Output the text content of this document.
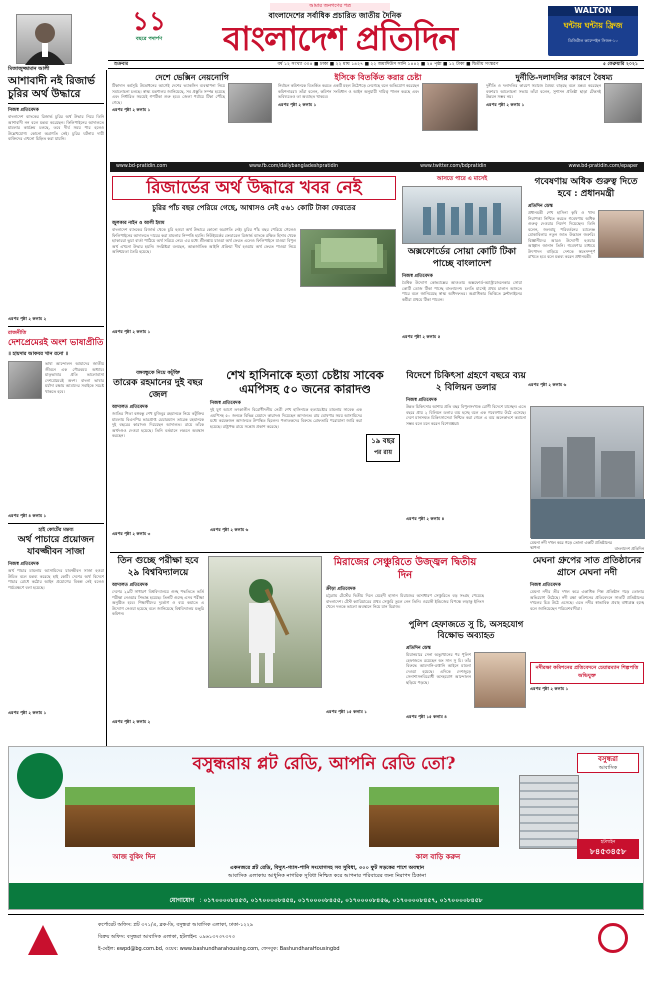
১১
বছরে পদার্পণ
আমার জনগণের পত্র
বাংলাদেশের সর্বাধিক প্রচারিত জাতীয় দৈনিক
বাংলাদেশ প্রতিদিন
WALTON
ঘন্টায় ঘন্টায় ফ্রিজ
ডিজিটাল ক্যাম্পেইন সিজন-১০
শুক্রবার	বর্ষ ১২ সংখ্যা ৩০৪ ■ ঢাকা ■ ২২ মাঘ ১৪২৭ ■ ২২ জমাদিউস সানি ১৪৪২ ■ ২৪ পৃষ্ঠা ■ ১২ টাকা ■ দ্বিতীয় সংস্করণ	৫ ফেব্রুয়ারি ২০২১
মিজাজুজ্জামান আলী
আশাবাদী নই রিজার্ভ চুরির অর্থ উদ্ধারে
নিজস্ব প্রতিবেদক
বাংলাদেশ ব্যাংকের রিজার্ভ চুরির অর্থ উদ্ধার নিয়ে তিনি আশাবাদী নন বলে মন্তব্য করেছেন। ফিলিপাইনের আদালতে মামলার কার্যক্রম চলছে, তবে দীর্ঘ সময় পার হলেও উল্লেখযোগ্য কোনো অগ্রগতি নেই। চুরির ঘটনায় দায়ী ব্যক্তিদের এখনো চিহ্নিত করা যায়নি।
এরপর পৃষ্ঠা ২ কলাম ২
রাজনীতি
দেশপ্রেমেরই অংশ ভাষাপ্রীতি
॥ হায়দার আকবর খান রনো ॥
ভাষা আন্দোলন আমাদের জাতীয় জীবনে এক গৌরবময় অধ্যায়। মাতৃভাষার প্রতি ভালোবাসা দেশপ্রেমেরই অংশ। বাংলা ভাষার মর্যাদা রক্ষায় আমাদের সবাইকে সচেষ্ট থাকতে হবে।
এরপর পৃষ্ঠা ৪ কলাম ১
হাই কোর্টের মন্তব্য
অর্থ পাচারে প্রয়োজন যাবজ্জীবন সাজা
নিজস্ব প্রতিবেদক
অর্থ পাচার মামলায় আসামিদের যাবজ্জীবন সাজা হওয়া উচিত বলে মন্তব্য করেছে হাই কোর্ট। দেশের অর্থ বিদেশে পাচার রোধে কঠোর আইন প্রয়োগের বিকল্প নেই বলেও পর্যবেক্ষণে বলা হয়েছে।
এরপর পৃষ্ঠা ২ কলাম ১
দেশে ভেক্সিন নেয়নোগি
টিকাদান কর্মসূচি উদ্বোধনের আগেই দেশের ভ্যাকসিন ব্যবস্থাপনা নিয়ে সমালোচনা চলছে। স্বাস্থ্য মন্ত্রণালয় জানিয়েছে, সব প্রস্তুতি সম্পন্ন হয়েছে এবং নির্ধারিত সময়েই গণটিকা শুরু হবে। জেলা পর্যায়ে টিকা পৌঁছে গেছে।
এরপর পৃষ্ঠা ২ কলাম ১
ইসিকে বিতর্কিত করার চেষ্টা
নির্বাচন কমিশনকে বিতর্কিত করতে একটি মহল উঠেপড়ে লেগেছে বলে অভিযোগ করেছেন কমিশনাররা। তাঁরা বলেন, কমিশন সংবিধান ও আইন অনুযায়ী দায়িত্ব পালন করছে এবং ভবিষ্যতেও তা অব্যাহত থাকবে।
এরপর পৃষ্ঠা ২ কলাম ১
দুর্নীতি-দলাদলির কারণে বৈষম্য
দুর্নীতি ও দলাদলির কারণে সমাজে বৈষম্য বাড়ছে বলে মন্তব্য করেছেন বক্তারা। আলোচনা সভায় তাঁরা বলেন, সুশাসন প্রতিষ্ঠা ছাড়া টেকসই উন্নয়ন সম্ভব নয়।
এরপর পৃষ্ঠা ২ কলাম ১
www.bd-pratidin.com	www.fb.com/dailybangladeshpratidin	www.twitter.com/bdpratidin	www.bd-pratidin.com/epaper
রিজার্ভের অর্থ উদ্ধারে খবর নেই
চুরির পাঁচ বছর পেরিয়ে গেছে, আশ্বাসও নেই ৫৬১ কোটি টাকা ফেরতের
জুলকার নাইন ও আলী ইমাম
বাংলাদেশ ব্যাংকের রিজার্ভ থেকে চুরি হওয়া অর্থ উদ্ধারে কোনো অগ্রগতি নেই। চুরির পাঁচ বছর পেরিয়ে গেলেও ফিলিপাইনের আদালতে দায়ের করা মামলার নিষ্পত্তি হয়নি। নিউইয়র্কের ফেডারেল রিজার্ভ ব্যাংকে রক্ষিত হিসাব থেকে হ্যাকাররা ভুয়া বার্তা পাঠিয়ে অর্থ সরিয়ে নেয়। এর মধ্যে শ্রীলঙ্কায় যাওয়া অর্থ ফেরত এলেও ফিলিপাইনে যাওয়া বিপুল অর্থ এখনো উদ্ধার হয়নি। সংশ্লিষ্টরা বলছেন, আন্তর্জাতিক আইনি প্রক্রিয়া দীর্ঘ হওয়ায় অর্থ ফেরত পাওয়া নিয়ে অনিশ্চয়তা তৈরি হয়েছে।
এরপর পৃষ্ঠা ২ কলাম ১
আসতে পারে এ মাসেই
অক্সফোর্ডের সোয়া কোটি টিকা পাচ্ছে বাংলাদেশ
নিজস্ব প্রতিবেদক
বৈশ্বিক উদ্যোগ কোভ্যাক্সের আওতায় অক্সফোর্ড-অ্যাস্ট্রাজেনেকার সোয়া কোটি ডোজ টিকা পাচ্ছে বাংলাদেশ। চলতি মাসেই প্রথম চালান আসতে পারে বলে জানিয়েছে স্বাস্থ্য অধিদফতর। অগ্রাধিকার ভিত্তিতে ফ্রন্টলাইনের কর্মীরা প্রথমে টিকা পাবেন।
এরপর পৃষ্ঠা ২ কলাম ৫
গবেষণায় অধিক গুরুত্ব দিতে হবে : প্রধানমন্ত্রী
প্রতিদিন ডেস্ক
প্রধানমন্ত্রী শেখ হাসিনা কৃষি ও খাদ্য নিরাপত্তা নিশ্চিত করতে গবেষণায় অধিক গুরুত্ব দেওয়ার নির্দেশ দিয়েছেন। তিনি বলেন, জলবায়ু পরিবর্তনের চ্যালেঞ্জ মোকাবিলায় নতুন জাত উদ্ভাবন জরুরি। বিজ্ঞানীদের আরও উদ্যোগী হওয়ার আহ্বান জানান তিনি। গবেষণার মাধ্যমে উৎপাদন বাড়িয়ে দেশকে স্বয়ংসম্পূর্ণ রাখতে হবে বলে মন্তব্য করেন প্রধানমন্ত্রী।
এরপর পৃষ্ঠা ২ কলাম ৬
বঙ্গবন্ধুকে নিয়ে কটূক্তি
তারেক রহমানের দুই বছর জেল
আদালত প্রতিবেদক
জাতির পিতা বঙ্গবন্ধু শেখ মুজিবুর রহমানকে নিয়ে কটূক্তির মামলায় বিএনপির ভারপ্রাপ্ত চেয়ারম্যান তারেক রহমানকে দুই বছরের কারাদণ্ড দিয়েছেন আদালত। রায়ে তাঁকে অর্থদণ্ডও দেওয়া হয়েছে। তিনি বর্তমানে লন্ডনে অবস্থান করছেন।
এরপর পৃষ্ঠা ২ কলাম ৩
শেখ হাসিনাকে হত্যা চেষ্টায় সাবেক এমপিসহ ৫০ জনের কারাদণ্ড
নিজস্ব প্রতিবেদক
১৯ বছর
পর রায়
দুই যুগ আগে তৎকালীন বিরোধীদলীয় নেত্রী শেখ হাসিনাকে হত্যাচেষ্টার মামলায় সাবেক এক এমপিসহ ৫০ জনকে বিভিন্ন মেয়াদে কারাদণ্ড দিয়েছেন আদালত। রায় ঘোষণার সময় আসামিদের মধ্যে কয়েকজন আদালতে উপস্থিত ছিলেন। পলাতকদের বিরুদ্ধে গ্রেফতারি পরোয়ানা জারি করা হয়েছে। রাষ্ট্রপক্ষ রায়ে সন্তোষ প্রকাশ করেছে।
এরপর পৃষ্ঠা ২ কলাম ৬
বিদেশে চিকিৎসা গ্রহণে বছরে ব্যয় ২ বিলিয়ন ডলার
নিজস্ব প্রতিবেদক
উন্নত চিকিৎসার আশায় প্রতি বছর বিপুলসংখ্যক রোগী বিদেশে যাচ্ছেন। এতে বছরে প্রায় ২ বিলিয়ন ডলার ব্যয় হচ্ছে বলে এক গবেষণায় উঠে এসেছে। দেশে মানসম্মত চিকিৎসাসেবা নিশ্চিত করা গেলে এ ব্যয় অনেকাংশে কমানো সম্ভব বলে মনে করেন বিশেষজ্ঞরা।
এরপর পৃষ্ঠা ২ কলাম ৪
মেঘনা নদী দখল করে গড়ে তোলা একটি প্রতিষ্ঠানের স্থাপনা	বাংলাদেশ প্রতিদিন
তিন গুচ্ছে পরীক্ষা হবে ২৯ বিশ্ববিদ্যালয়ে
আদালত প্রতিবেদক
দেশের ২৯টি সাধারণ বিশ্ববিদ্যালয়ে গুচ্ছ পদ্ধতিতে ভর্তি পরীক্ষা নেওয়ার সিদ্ধান্ত হয়েছে। তিনটি গুচ্ছে এসব পরীক্ষা অনুষ্ঠিত হবে। শিক্ষার্থীদের দুর্ভোগ ও ব্যয় কমাতে এ উদ্যোগ নেওয়া হয়েছে বলে জানিয়েছে বিশ্ববিদ্যালয় মঞ্জুরি কমিশন।
এরপর পৃষ্ঠা ২ কলাম ২
মিরাজের সেঞ্চুরিতে উজ্জ্বল দ্বিতীয় দিন
ক্রীড়া প্রতিবেদক
চট্টগ্রাম টেস্টের দ্বিতীয় দিনে মেহেদী হাসান মিরাজের অসাধারণ সেঞ্চুরিতে বড় সংগ্রহ পেয়েছে বাংলাদেশ। টেস্ট ক্যারিয়ারের প্রথম সেঞ্চুরি তুলে নেন তিনি। ওয়েস্ট ইন্ডিজের বিপক্ষে লড়াকু ইনিংস খেলে দলকে ভালো অবস্থানে নিয়ে যান মিরাজ।
এরপর পৃষ্ঠা ১৫ কলাম ১
পুলিশ হেফাজতে সু চি, অসহযোগ বিক্ষোভ অব্যাহত
প্রতিদিন ডেস্ক
মিয়ানমারে সেনা অভ্যুত্থানের পর পুলিশ হেফাজতে রয়েছেন অং সান সু চি। তাঁর বিরুদ্ধে আমদানি-রপ্তানি আইনে মামলা দেওয়া হয়েছে। এদিকে দেশজুড়ে সেনাশাসনবিরোধী অসহযোগ আন্দোলন ছড়িয়ে পড়ছে।
এরপর পৃষ্ঠা ১৫ কলাম ৪
মেঘনা গ্রুপের সাত প্রতিষ্ঠানের গ্রাসে মেঘনা নদী
নিজস্ব প্রতিবেদক
মেঘনা নদীর তীর দখল করে একাধিক শিল্প প্রতিষ্ঠান গড়ে তোলার অভিযোগ উঠেছে। নদী রক্ষা কমিশনের প্রতিবেদনে সাতটি প্রতিষ্ঠানের দখলের চিত্র উঠে এসেছে। এতে নদীর স্বাভাবিক প্রবাহ বাধাগ্রস্ত হচ্ছে বলে জানিয়েছেন পরিবেশবাদীরা।
নদীরক্ষা কমিশনের প্রতিবেদনে চেয়ারম্যান শিল্পপতি অভিযুক্ত
এরপর পৃষ্ঠা ২ কলাম ১
বসুন্ধরায় প্লট রেডি, আপনি রেডি তো?	বসুন্ধরা
আবাসিক
আজ বুকিং দিন	কাল বাড়ি করুন
হটলাইন
৮৪৫৩৪৫৮
একনজরে প্লট রেডি, বিদ্যুৎ-গ্যাস-পানি সংযোগসহ সব সুবিধা, ৩০০ ফুট সড়কের পাশে অবস্থান
আবাসিক এলাকায় আধুনিক নাগরিক সুবিধা নিশ্চিত করে আপনার পরিবারের জন্য নিরাপদ ঠিকানা
যোগাযোগ : ০১৭০০০০৮৪৫৩, ০১৭০০০০৮৪৫৪, ০১৭০০০০৮৪৫৫, ০১৭০০০০৮৪৫৬, ০১৭০০০০৮৪৫৭, ০১৭০০০০৮৪৫৮
কর্পোরেট অফিস: প্লট ৩৭১/এ, ব্লক-ডি, বসুন্ধরা আবাসিক এলাকা, ঢাকা-১২২৯
বিক্রয় অফিস: বসুন্ধরা আবাসিক এলাকা, হটলাইন: ০৯৬১৩৭৩৭৩৭৩
ই-মেইল: ewpd@bg.com.bd, ওয়েব: www.bashundharahousing.com, ফেসবুক: BashundharaHousingbd
